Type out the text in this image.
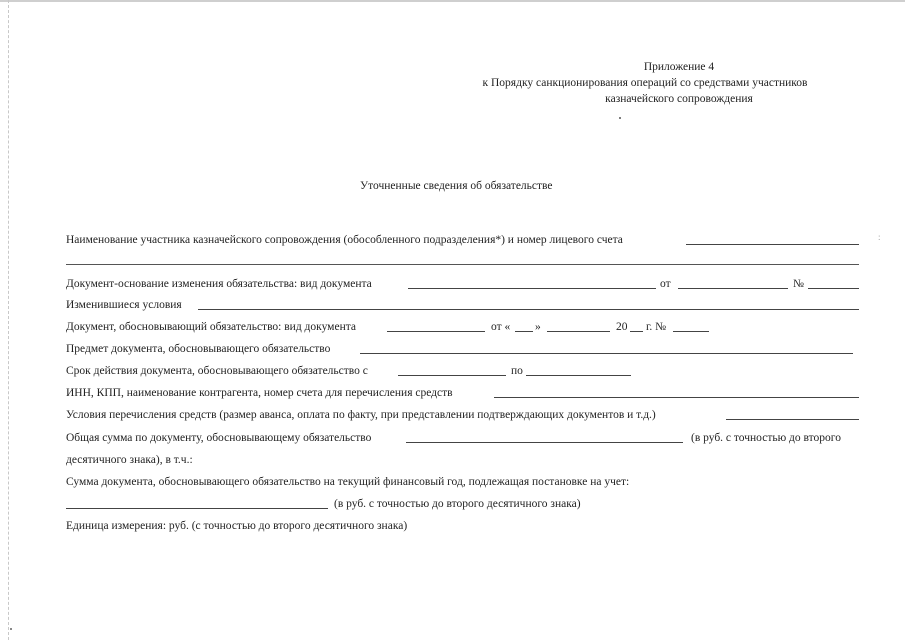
Приложение 4
к Порядку санкционирования операций со средствами участников
казначейского сопровождения
Уточненные сведения об обязательстве
:
Наименование участника казначейского сопровождения (обособленного подразделения*) и номер лицевого счета
Документ-основание изменения обязательства: вид документа	от	№
Изменившиеся условия
Документ, обосновывающий обязательство: вид документа	от « »	20 г. №
Предмет документа, обосновывающего обязательство
Срок действия документа, обосновывающего обязательство с	по
ИНН, КПП, наименование контрагента, номер счета для перечисления средств
Условия перечисления средств (размер аванса, оплата по факту, при представлении подтверждающих документов и т.д.)
Общая сумма по документу, обосновывающему обязательство	(в руб. с точностью до второго
десятичного знака), в т.ч.:
Сумма документа, обосновывающего обязательство на текущий финансовый год, подлежащая постановке на учет:
(в руб. с точностью до второго десятичного знака)
Единица измерения: руб. (с точностью до второго десятичного знака)
